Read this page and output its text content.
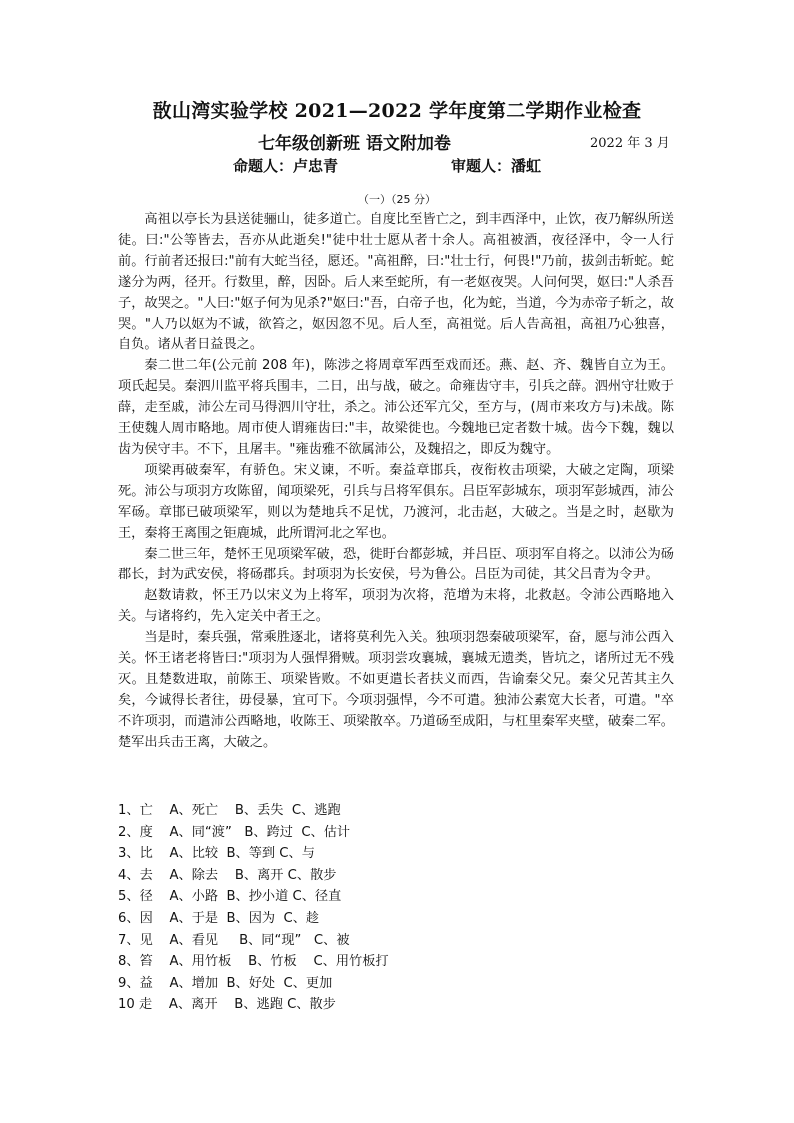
敔山湾实验学校 2021—2022 学年度第二学期作业检查
七年级创新班 语文附加卷	2022 年 3 月
命题人：卢忠青	审题人：潘虹
（一）（25 分）

高祖以亭长为县送徒骊山，徒多道亡。自度比至皆亡之，到丰西泽中，止饮，夜乃解纵所送徒。曰:"公等皆去，吾亦从此逝矣!"徒中壮士愿从者十余人。高祖被酒，夜径泽中，令一人行前。行前者还报曰:"前有大蛇当径，愿还。"高祖醉，曰:"壮士行，何畏!"乃前，拔剑击斩蛇。蛇遂分为两，径开。行数里，醉，因卧。后人来至蛇所，有一老妪夜哭。人问何哭，妪曰:"人杀吾子，故哭之。"人曰:"妪子何为见杀?"妪曰:"吾，白帝子也，化为蛇，当道，今为赤帝子斩之，故哭。"人乃以妪为不诚，欲笞之，妪因忽不见。后人至，高祖觉。后人告高祖，高祖乃心独喜，自负。诸从者日益畏之。

秦二世二年(公元前 208 年)，陈涉之将周章军西至戏而还。燕、赵、齐、魏皆自立为王。项氏起吴。秦泗川监平将兵围丰，二日，出与战，破之。命雍齿守丰，引兵之薛。泗州守壮败于薛，走至戚，沛公左司马得泗川守壮，杀之。沛公还军亢父，至方与，(周市来攻方与)未战。陈王使魏人周市略地。周市使人谓雍齿曰:"丰，故梁徙也。今魏地已定者数十城。齿今下魏，魏以齿为侯守丰。不下，且屠丰。"雍齿雅不欲属沛公，及魏招之，即反为魏守。

项梁再破秦军，有骄色。宋义谏，不听。秦益章邯兵，夜衔枚击项梁，大破之定陶，项梁死。沛公与项羽方攻陈留，闻项梁死，引兵与吕将军俱东。吕臣军彭城东，项羽军彭城西，沛公军砀。章邯已破项梁军，则以为楚地兵不足忧，乃渡河，北击赵，大破之。当是之时，赵歇为王，秦将王离围之钜鹿城，此所谓河北之军也。

秦二世三年，楚怀王见项梁军破，恐，徙盱台都彭城，并吕臣、项羽军自将之。以沛公为砀郡长，封为武安侯，将砀郡兵。封项羽为长安侯，号为鲁公。吕臣为司徒，其父吕青为令尹。

赵数请救，怀王乃以宋义为上将军，项羽为次将，范增为末将，北救赵。令沛公西略地入关。与诸将约，先入定关中者王之。

当是时，秦兵强，常乘胜逐北，诸将莫利先入关。独项羽怨秦破项梁军，奋，愿与沛公西入关。怀王诸老将皆曰:"项羽为人强悍猾贼。项羽尝攻襄城，襄城无遗类，皆坑之，诸所过无不残灭。且楚数进取，前陈王、项梁皆败。不如更遣长者扶义而西，告谕秦父兄。秦父兄苦其主久矣，今诚得长者往，毋侵暴，宜可下。今项羽强悍，今不可遣。独沛公素宽大长者，可遣。"卒不许项羽，而遣沛公西略地，收陈王、项梁散卒。乃道砀至成阳，与杠里秦军夹壁，破秦二军。楚军出兵击王离，大破之。

1、亡    A、死亡    B、丢失  C、逃跑
2、度    A、同“渡”   B、跨过  C、估计
3、比    A、比较  B、等到 C、与
4、去    A、除去    B、离开 C、散步
5、径    A、小路  B、抄小道 C、径直
6、因    A、于是  B、因为  C、趁
7、见    A、看见     B、同“现”   C、被
8、笞    A、用竹板    B、竹板    C、用竹板打
9、益    A、增加  B、好处  C、更加
10 走    A、离开    B、逃跑 C、散步
